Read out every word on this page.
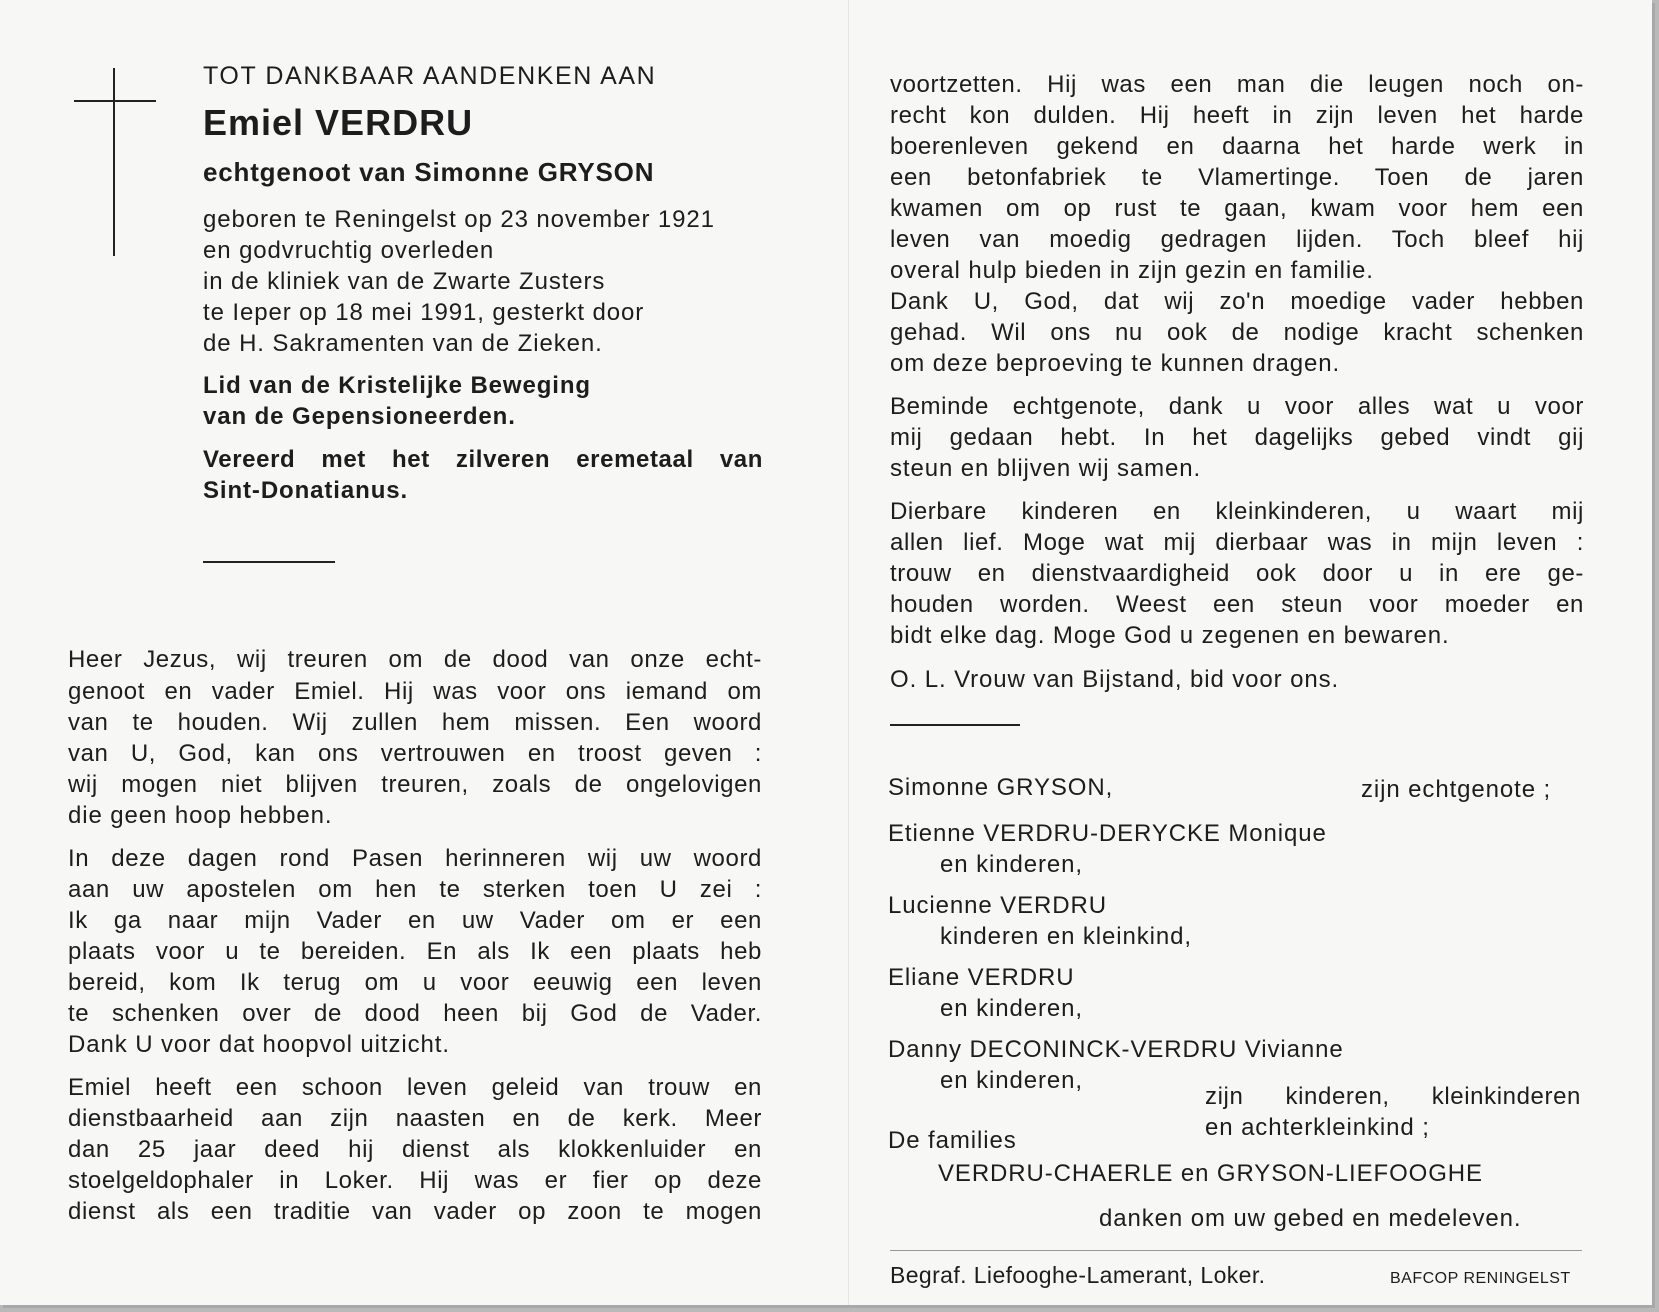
TOT DANKBAAR AANDENKEN AAN
Emiel VERDRU
echtgenoot van Simonne GRYSON
geboren te Reningelst op 23 november 1921
en godvruchtig overleden
in de kliniek van de Zwarte Zusters
te Ieper op 18 mei 1991, gesterkt door
de H. Sakramenten van de Zieken.
Lid van de Kristelijke Beweging
van de Gepensioneerden.
Vereerd met het zilveren eremetaal van
Sint-Donatianus.
Heer Jezus, wij treuren om de dood van onze echt-
genoot en vader Emiel. Hij was voor ons iemand om
van te houden. Wij zullen hem missen. Een woord
van U, God, kan ons vertrouwen en troost geven :
wij mogen niet blijven treuren, zoals de ongelovigen
die geen hoop hebben.
In deze dagen rond Pasen herinneren wij uw woord
aan uw apostelen om hen te sterken toen U zei :
Ik ga naar mijn Vader en uw Vader om er een
plaats voor u te bereiden. En als Ik een plaats heb
bereid, kom Ik terug om u voor eeuwig een leven
te schenken over de dood heen bij God de Vader.
Dank U voor dat hoopvol uitzicht.
Emiel heeft een schoon leven geleid van trouw en
dienstbaarheid aan zijn naasten en de kerk. Meer
dan 25 jaar deed hij dienst als klokkenluider en
stoelgeldophaler in Loker. Hij was er fier op deze
dienst als een traditie van vader op zoon te mogen
voortzetten. Hij was een man die leugen noch on-
recht kon dulden. Hij heeft in zijn leven het harde
boerenleven gekend en daarna het harde werk in
een betonfabriek te Vlamertinge. Toen de jaren
kwamen om op rust te gaan, kwam voor hem een
leven van moedig gedragen lijden. Toch bleef hij
overal hulp bieden in zijn gezin en familie.
Dank U, God, dat wij zo'n moedige vader hebben
gehad. Wil ons nu ook de nodige kracht schenken
om deze beproeving te kunnen dragen.
Beminde echtgenote, dank u voor alles wat u voor
mij gedaan hebt. In het dagelijks gebed vindt gij
steun en blijven wij samen.
Dierbare kinderen en kleinkinderen, u waart mij
allen lief. Moge wat mij dierbaar was in mijn leven :
trouw en dienstvaardigheid ook door u in ere ge-
houden worden. Weest een steun voor moeder en
bidt elke dag. Moge God u zegenen en bewaren.
O. L. Vrouw van Bijstand, bid voor ons.
Simonne GRYSON,	zijn echtgenote ;
Etienne VERDRU-DERYCKE Monique
en kinderen,
Lucienne VERDRU
kinderen en kleinkind,
Eliane VERDRU
en kinderen,
Danny DECONINCK-VERDRU Vivianne
en kinderen,
zijn kinderen, kleinkinderen
en achterkleinkind ;
De families
VERDRU-CHAERLE en GRYSON-LIEFOOGHE
danken om uw gebed en medeleven.
Begraf. Liefooghe-Lamerant, Loker.	BAFCOP RENINGELST
